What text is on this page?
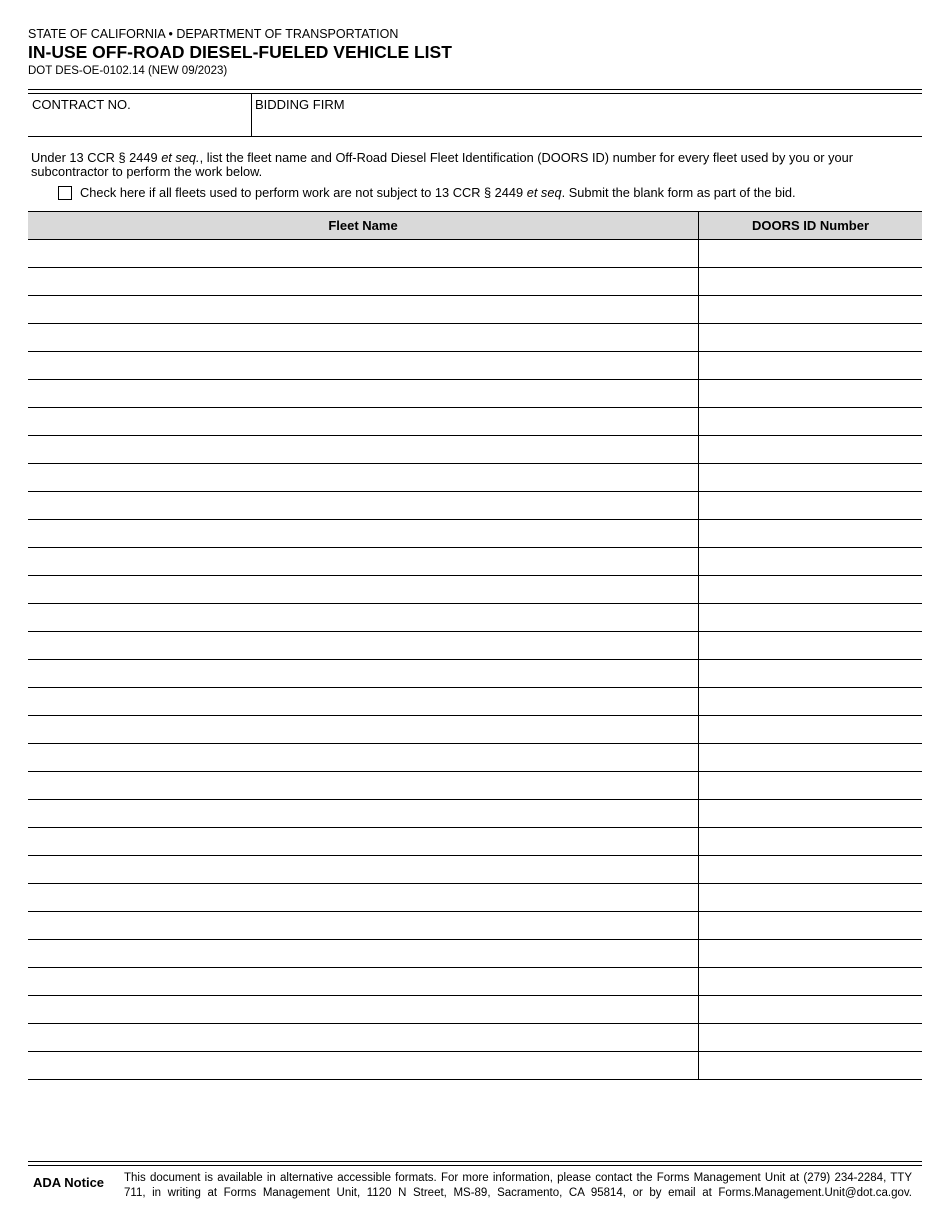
STATE OF CALIFORNIA • DEPARTMENT OF TRANSPORTATION
IN-USE OFF-ROAD DIESEL-FUELED VEHICLE LIST
DOT DES-OE-0102.14 (NEW 09/2023)
CONTRACT NO.	BIDDING FIRM
Under 13 CCR § 2449 et seq., list the fleet name and Off-Road Diesel Fleet Identification (DOORS ID) number for every fleet used by you or your subcontractor to perform the work below.
Check here if all fleets used to perform work are not subject to 13 CCR § 2449 et seq. Submit the blank form as part of the bid.
Fleet Name	DOORS ID Number

ADA Notice This document is available in alternative accessible formats. For more information, please contact the Forms Management Unit at (279) 234-2284, TTY 711, in writing at Forms Management Unit, 1120 N Street, MS-89, Sacramento, CA 95814, or by email at Forms.Management.Unit@dot.ca.gov.
